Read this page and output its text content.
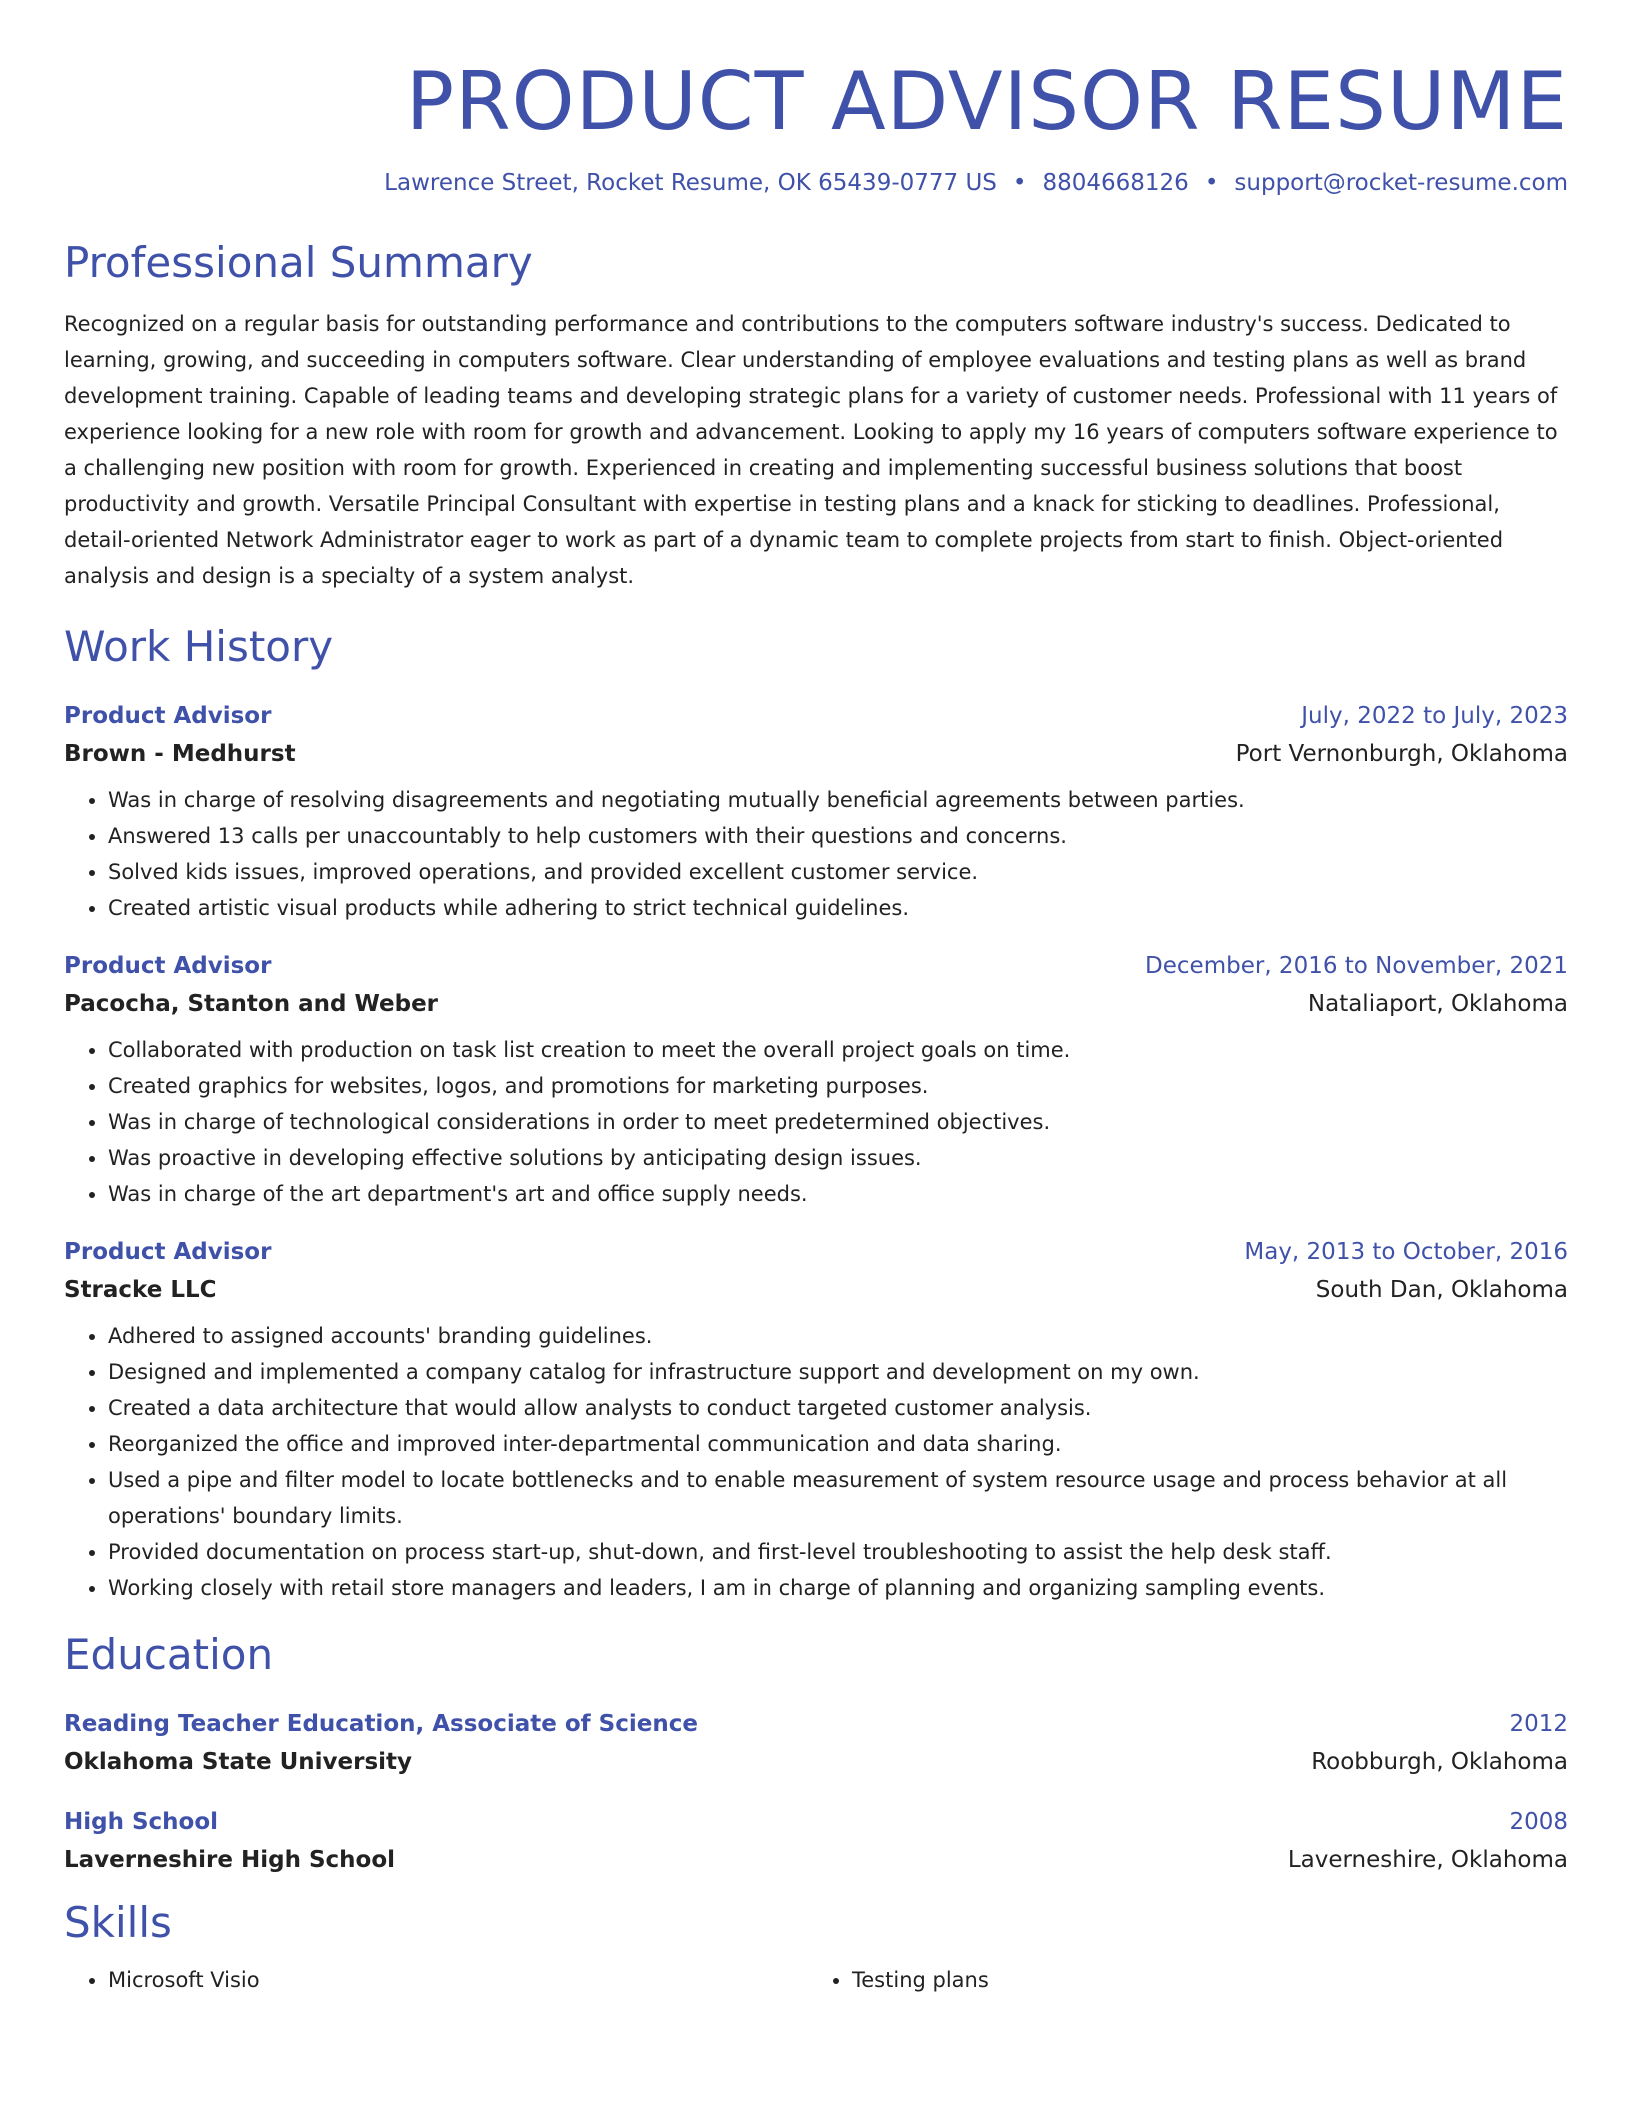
PRODUCT ADVISOR RESUME
Lawrence Street, Rocket Resume, OK 65439-0777 US • 8804668126 • support@rocket-resume.com
Professional Summary
Recognized on a regular basis for outstanding performance and contributions to the computers software industry's success. Dedicated to learning, growing, and succeeding in computers software. Clear understanding of employee evaluations and testing plans as well as brand development training. Capable of leading teams and developing strategic plans for a variety of customer needs. Professional with 11 years of experience looking for a new role with room for growth and advancement. Looking to apply my 16 years of computers software experience to a challenging new position with room for growth. Experienced in creating and implementing successful business solutions that boost productivity and growth. Versatile Principal Consultant with expertise in testing plans and a knack for sticking to deadlines. Professional, detail-oriented Network Administrator eager to work as part of a dynamic team to complete projects from start to finish. Object-oriented analysis and design is a specialty of a system analyst.
Work History
Product Advisor	July, 2022 to July, 2023
Brown - Medhurst	Port Vernonburgh, Oklahoma
• Was in charge of resolving disagreements and negotiating mutually beneficial agreements between parties.
• Answered 13 calls per unaccountably to help customers with their questions and concerns.
• Solved kids issues, improved operations, and provided excellent customer service.
• Created artistic visual products while adhering to strict technical guidelines.
Product Advisor	December, 2016 to November, 2021
Pacocha, Stanton and Weber	Nataliaport, Oklahoma
• Collaborated with production on task list creation to meet the overall project goals on time.
• Created graphics for websites, logos, and promotions for marketing purposes.
• Was in charge of technological considerations in order to meet predetermined objectives.
• Was proactive in developing effective solutions by anticipating design issues.
• Was in charge of the art department's art and office supply needs.
Product Advisor	May, 2013 to October, 2016
Stracke LLC	South Dan, Oklahoma
• Adhered to assigned accounts' branding guidelines.
• Designed and implemented a company catalog for infrastructure support and development on my own.
• Created a data architecture that would allow analysts to conduct targeted customer analysis.
• Reorganized the office and improved inter-departmental communication and data sharing.
• Used a pipe and filter model to locate bottlenecks and to enable measurement of system resource usage and process behavior at all operations' boundary limits.
• Provided documentation on process start-up, shut-down, and first-level troubleshooting to assist the help desk staff.
• Working closely with retail store managers and leaders, I am in charge of planning and organizing sampling events.
Education
Reading Teacher Education, Associate of Science	2012
Oklahoma State University	Roobburgh, Oklahoma
High School	2008
Laverneshire High School	Laverneshire, Oklahoma
Skills
• Microsoft Visio
•	Testing plans
